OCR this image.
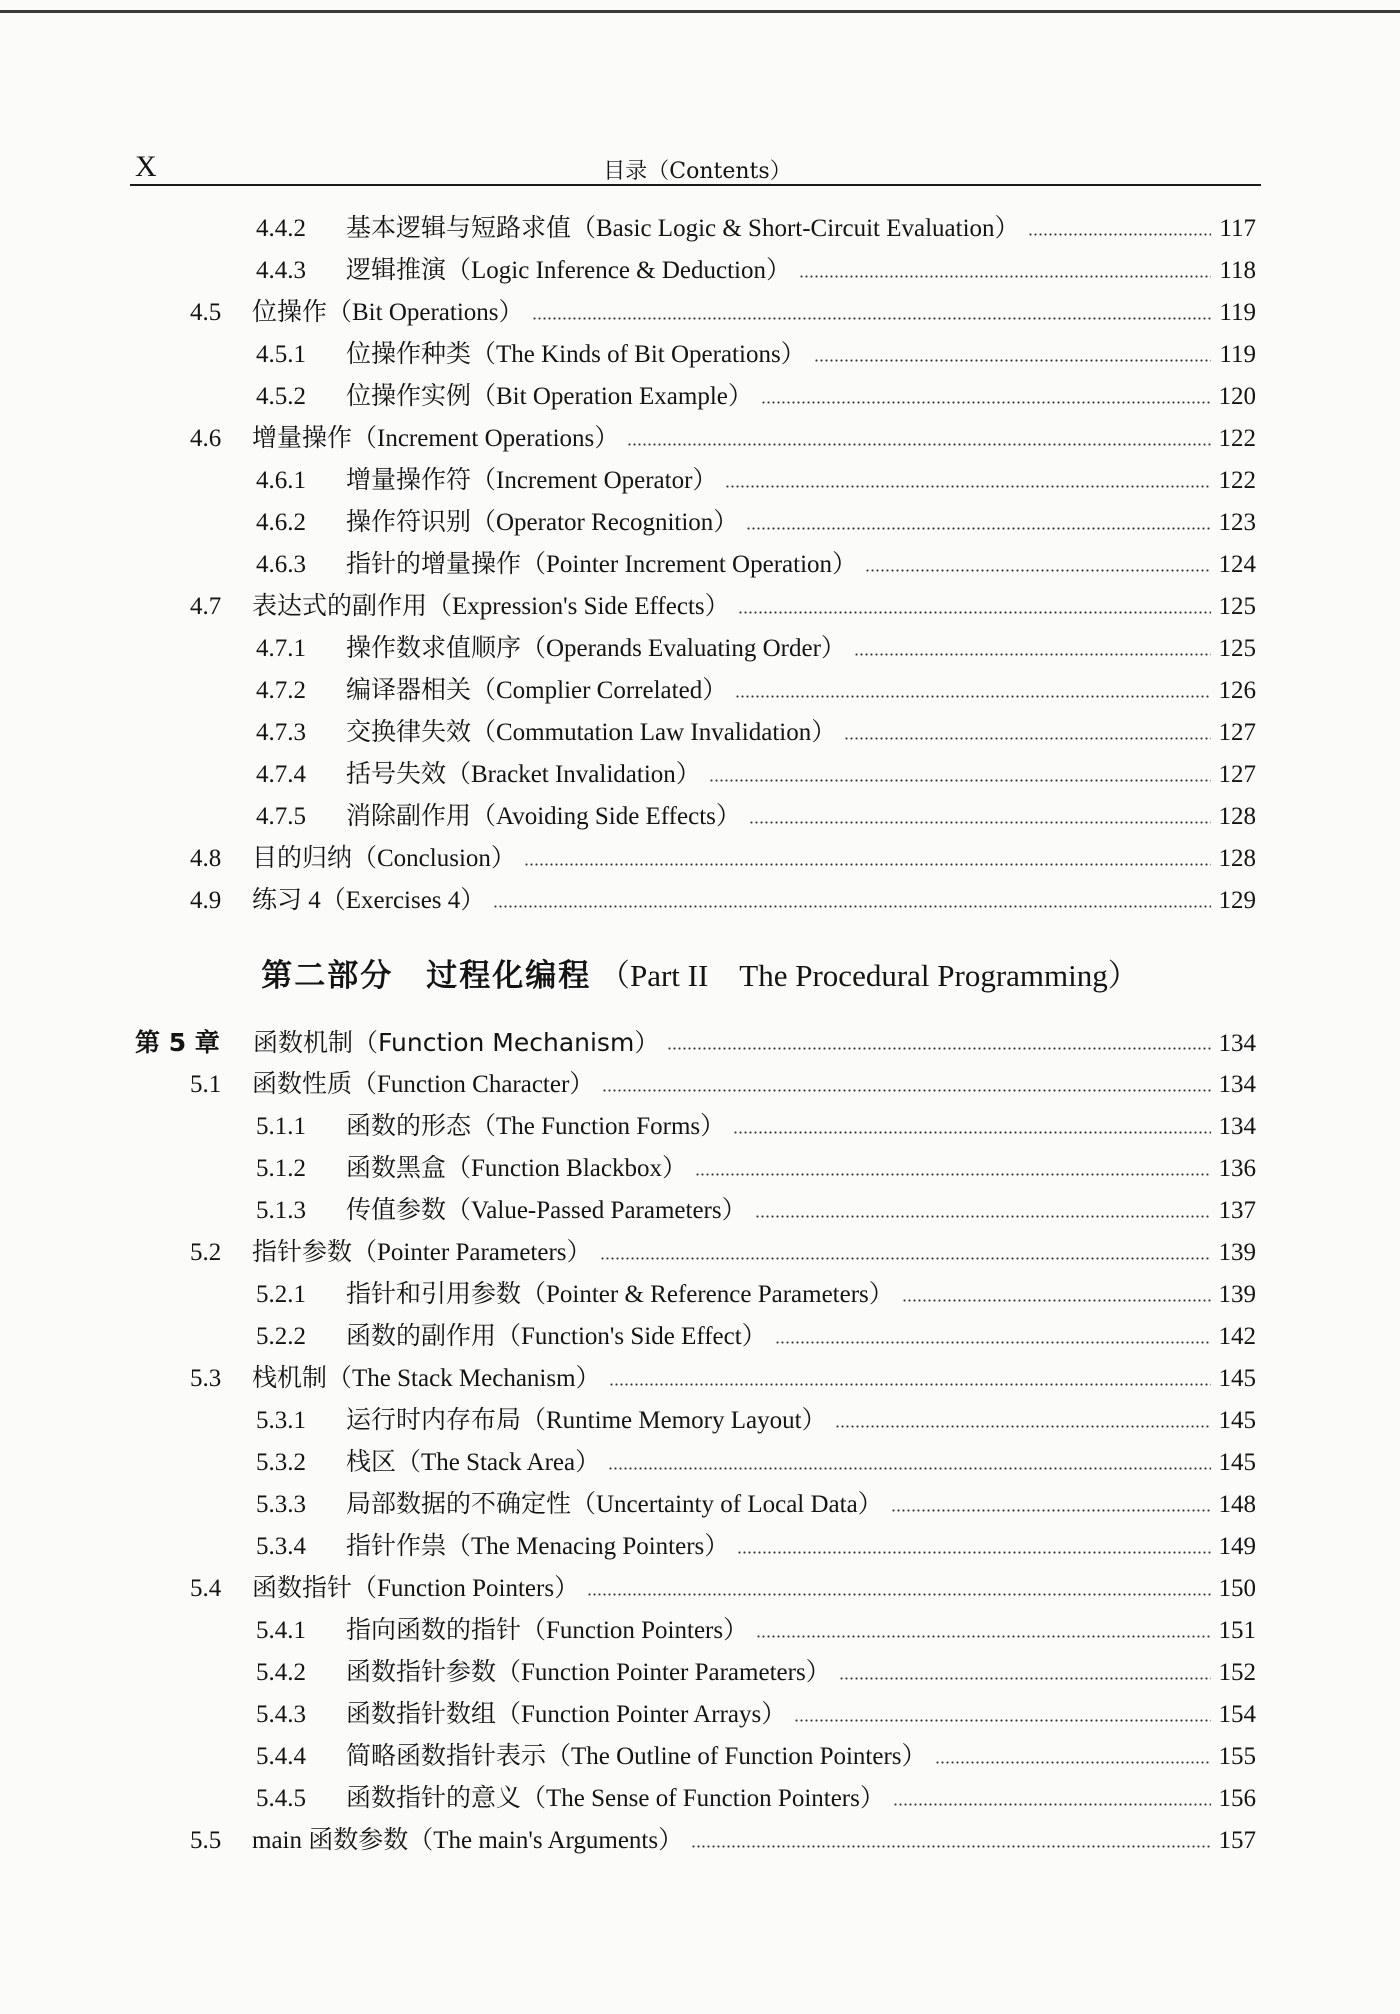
X	目录（Contents）
4.4.2	基本逻辑与短路求值（Basic Logic & Short-Circuit Evaluation）	117
4.4.3	逻辑推演（Logic Inference & Deduction）	118
4.5	位操作（Bit Operations）	119
4.5.1	位操作种类（The Kinds of Bit Operations）	119
4.5.2	位操作实例（Bit Operation Example）	120
4.6	增量操作（Increment Operations）	122
4.6.1	增量操作符（Increment Operator）	122
4.6.2	操作符识别（Operator Recognition）	123
4.6.3	指针的增量操作（Pointer Increment Operation）	124
4.7	表达式的副作用（Expression's Side Effects）	125
4.7.1	操作数求值顺序（Operands Evaluating Order）	125
4.7.2	编译器相关（Complier Correlated）	126
4.7.3	交换律失效（Commutation Law Invalidation）	127
4.7.4	括号失效（Bracket Invalidation）	127
4.7.5	消除副作用（Avoiding Side Effects）	128
4.8	目的归纳（Conclusion）	128
4.9	练习 4（Exercises 4）	129
第 5 章	函数机制（Function Mechanism）	134
5.1	函数性质（Function Character）	134
5.1.1	函数的形态（The Function Forms）	134
5.1.2	函数黑盒（Function Blackbox）	136
5.1.3	传值参数（Value-Passed Parameters）	137
5.2	指针参数（Pointer Parameters）	139
5.2.1	指针和引用参数（Pointer & Reference Parameters）	139
5.2.2	函数的副作用（Function's Side Effect）	142
5.3	栈机制（The Stack Mechanism）	145
5.3.1	运行时内存布局（Runtime Memory Layout）	145
5.3.2	栈区（The Stack Area）	145
5.3.3	局部数据的不确定性（Uncertainty of Local Data）	148
5.3.4	指针作祟（The Menacing Pointers）	149
5.4	函数指针（Function Pointers）	150
5.4.1	指向函数的指针（Function Pointers）	151
5.4.2	函数指针参数（Function Pointer Parameters）	152
5.4.3	函数指针数组（Function Pointer Arrays）	154
5.4.4	简略函数指针表示（The Outline of Function Pointers）	155
5.4.5	函数指针的意义（The Sense of Function Pointers）	156
5.5	main 函数参数（The main's Arguments）	157
第二部分　过程化编程 （Part II　The Procedural Programming）
